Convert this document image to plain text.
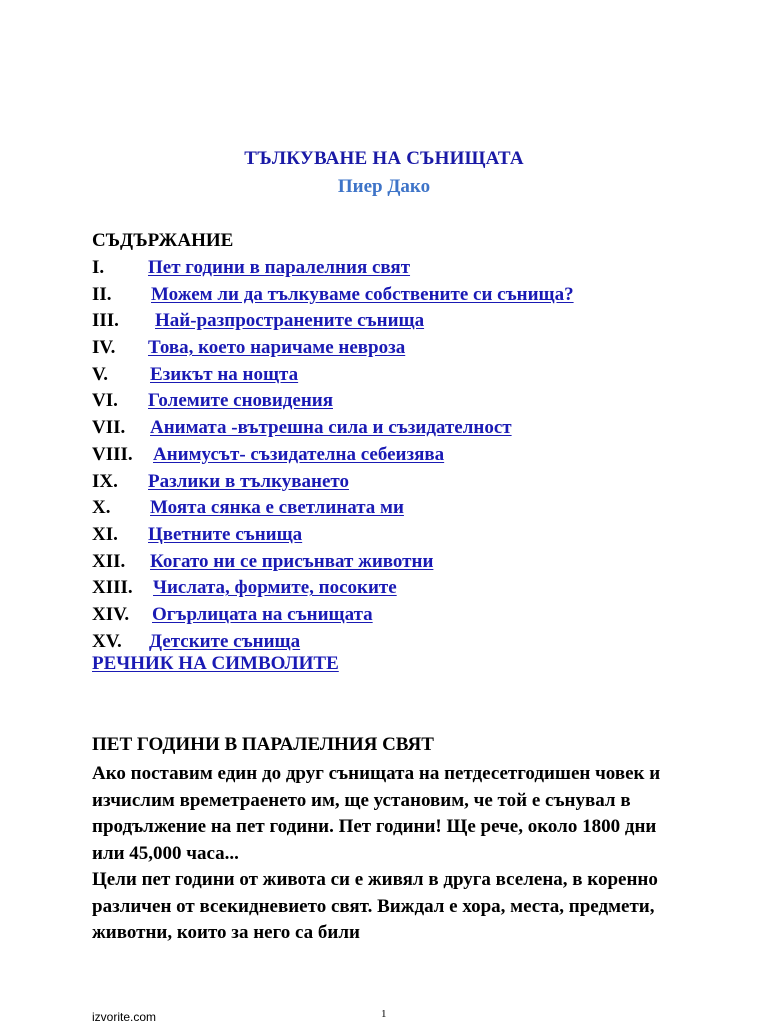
ТЪЛКУВАНЕ НА СЪНИЩАТА
Пиер Дако
СЪДЪРЖАНИЕ
I. Пет години в паралелния свят
II. Можем ли да тълкуваме собствените си сънища?
III. Най-разпространените сънища
IV. Това, което наричаме невроза
V. Езикът на нощта
VI. Големите сновидения
VII. Анимата -вътрешна сила и съзидателност
VIII. Анимусът- съзидателна себеизява
IX. Разлики в тълкуването
X. Моята сянка е светлината ми
XI. Цветните сънища
XII. Когато ни се присънват животни
XIII. Числата, формите, посоките
XIV. Огърлицата на сънищата
XV. Детските сънища
РЕЧНИК НА СИМВОЛИТЕ
ПЕТ ГОДИНИ В ПАРАЛЕЛНИЯ СВЯТ

Ако поставим един до друг сънищата на петдесетгодишен човек и изчислим времетраенето им, ще установим, че той е сънувал в продължение на пет години. Пет години! Ще рече, около 1800 дни или 45,000 часа...

Цели пет години от живота си е живял в друга вселена, в коренно различен от всекидневието свят. Виждал е хора, места, предмети, животни, които за него са били

izvorite.com	1
